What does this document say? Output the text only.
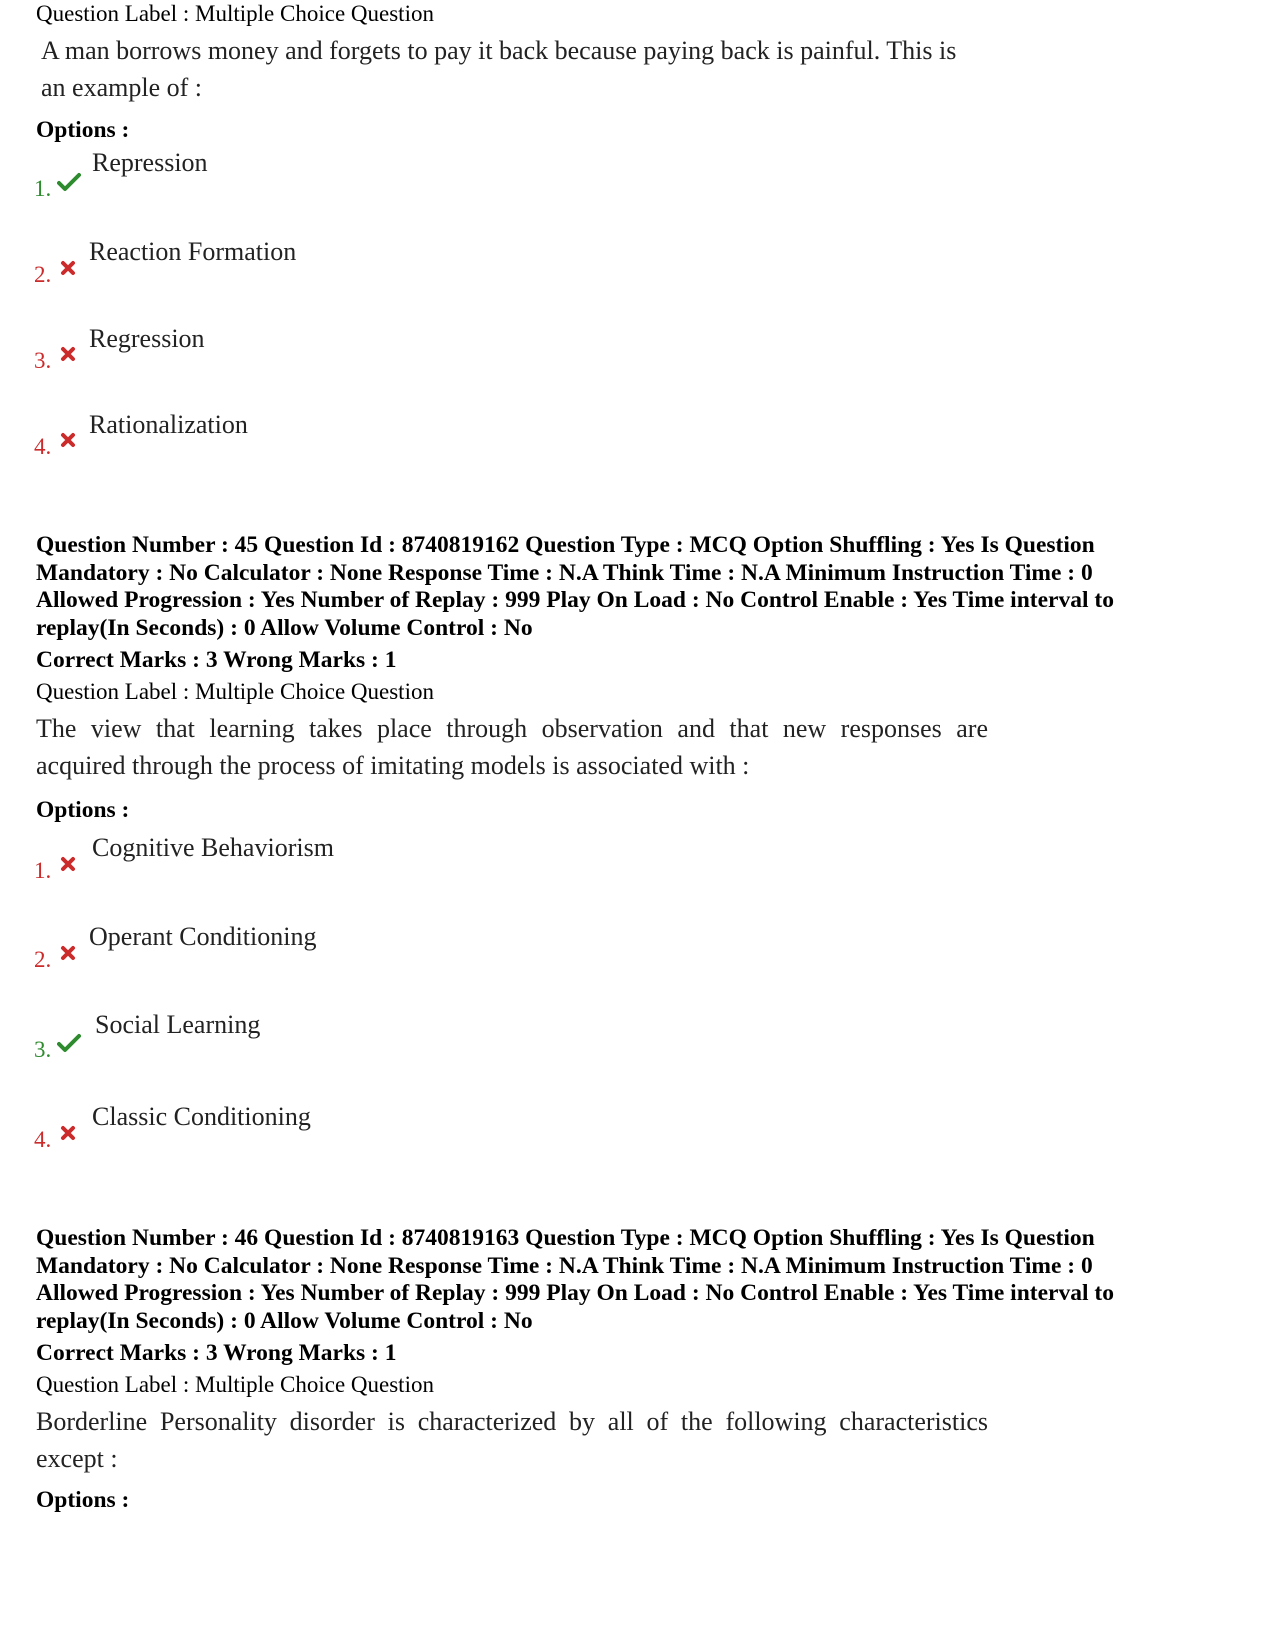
Question Label : Multiple Choice Question
A man borrows money and forgets to pay it back because paying back is painful. This is
an example of :
Options :
1.
Repression
2.
Reaction Formation
3.
Regression
4.
Rationalization
Question Number : 45 Question Id : 8740819162 Question Type : MCQ Option Shuffling : Yes Is Question
Mandatory : No Calculator : None Response Time : N.A Think Time : N.A Minimum Instruction Time : 0
Allowed Progression : Yes Number of Replay : 999 Play On Load : No Control Enable : Yes Time interval to
replay(In Seconds) : 0 Allow Volume Control : No
Correct Marks : 3 Wrong Marks : 1
Question Label : Multiple Choice Question
The view that learning takes place through observation and that new responses are
acquired through the process of imitating models is associated with :
Options :
1.
Cognitive Behaviorism
2.
Operant Conditioning
3.
Social Learning
4.
Classic Conditioning
Question Number : 46 Question Id : 8740819163 Question Type : MCQ Option Shuffling : Yes Is Question
Mandatory : No Calculator : None Response Time : N.A Think Time : N.A Minimum Instruction Time : 0
Allowed Progression : Yes Number of Replay : 999 Play On Load : No Control Enable : Yes Time interval to
replay(In Seconds) : 0 Allow Volume Control : No
Correct Marks : 3 Wrong Marks : 1
Question Label : Multiple Choice Question
Borderline Personality disorder is characterized by all of the following characteristics
except :
Options :
